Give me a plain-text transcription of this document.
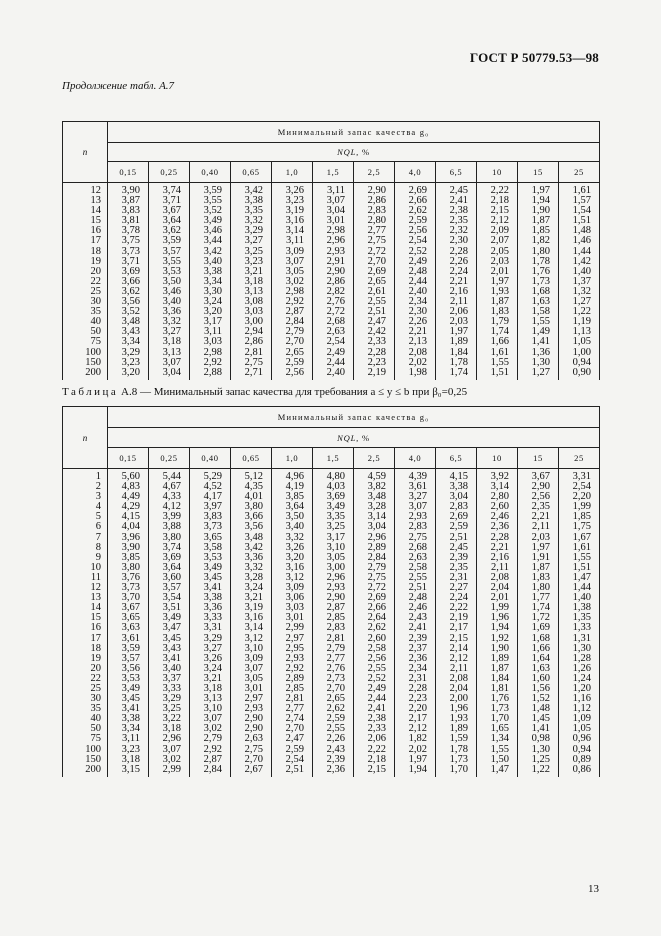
ГОСТ Р 50779.53—98
Продолжение табл. А.7
n	Минимальный запас качества g₀											
	NQL, %											
	0,15	0,25	0,40	0,65	1,0	1,5	2,5	4,0	6,5	10	15	25
12	3,90	3,74	3,59	3,42	3,26	3,11	2,90	2,69	2,45	2,22	1,97	1,61
13	3,87	3,71	3,55	3,38	3,23	3,07	2,86	2,66	2,41	2,18	1,94	1,57
14	3,83	3,67	3,52	3,35	3,19	3,04	2,83	2,62	2,38	2,15	1,90	1,54
15	3,81	3,64	3,49	3,32	3,16	3,01	2,80	2,59	2,35	2,12	1,87	1,51
16	3,78	3,62	3,46	3,29	3,14	2,98	2,77	2,56	2,32	2,09	1,85	1,48
17	3,75	3,59	3,44	3,27	3,11	2,96	2,75	2,54	2,30	2,07	1,82	1,46
18	3,73	3,57	3,42	3,25	3,09	2,93	2,72	2,52	2,28	2,05	1,80	1,44
19	3,71	3,55	3,40	3,23	3,07	2,91	2,70	2,49	2,26	2,03	1,78	1,42
20	3,69	3,53	3,38	3,21	3,05	2,90	2,69	2,48	2,24	2,01	1,76	1,40
22	3,66	3,50	3,34	3,18	3,02	2,86	2,65	2,44	2,21	1,97	1,73	1,37
25	3,62	3,46	3,30	3,13	2,98	2,82	2,61	2,40	2,16	1,93	1,68	1,32
30	3,56	3,40	3,24	3,08	2,92	2,76	2,55	2,34	2,11	1,87	1,63	1,27
35	3,52	3,36	3,20	3,03	2,87	2,72	2,51	2,30	2,06	1,83	1,58	1,22
40	3,48	3,32	3,17	3,00	2,84	2,68	2,47	2,26	2,03	1,79	1,55	1,19
50	3,43	3,27	3,11	2,94	2,79	2,63	2,42	2,21	1,97	1,74	1,49	1,13
75	3,34	3,18	3,03	2,86	2,70	2,54	2,33	2,13	1,89	1,66	1,41	1,05
100	3,29	3,13	2,98	2,81	2,65	2,49	2,28	2,08	1,84	1,61	1,36	1,00
150	3,23	3,07	2,92	2,75	2,59	2,44	2,23	2,02	1,78	1,55	1,30	0,94
200	3,20	3,04	2,88	2,71	2,56	2,40	2,19	1,98	1,74	1,51	1,27	0,90
Таблица А.8 — Минимальный запас качества для требования a ≤ y ≤ b при β₀=0,25
n	Минимальный запас качества g₀											
	NQL, %											
	0,15	0,25	0,40	0,65	1,0	1,5	2,5	4,0	6,5	10	15	25
1	5,60	5,44	5,29	5,12	4,96	4,80	4,59	4,39	4,15	3,92	3,67	3,31
2	4,83	4,67	4,52	4,35	4,19	4,03	3,82	3,61	3,38	3,14	2,90	2,54
3	4,49	4,33	4,17	4,01	3,85	3,69	3,48	3,27	3,04	2,80	2,56	2,20
4	4,29	4,12	3,97	3,80	3,64	3,49	3,28	3,07	2,83	2,60	2,35	1,99
5	4,15	3,99	3,83	3,66	3,50	3,35	3,14	2,93	2,69	2,46	2,21	1,85
6	4,04	3,88	3,73	3,56	3,40	3,25	3,04	2,83	2,59	2,36	2,11	1,75
7	3,96	3,80	3,65	3,48	3,32	3,17	2,96	2,75	2,51	2,28	2,03	1,67
8	3,90	3,74	3,58	3,42	3,26	3,10	2,89	2,68	2,45	2,21	1,97	1,61
9	3,85	3,69	3,53	3,36	3,20	3,05	2,84	2,63	2,39	2,16	1,91	1,55
10	3,80	3,64	3,49	3,32	3,16	3,00	2,79	2,58	2,35	2,11	1,87	1,51
11	3,76	3,60	3,45	3,28	3,12	2,96	2,75	2,55	2,31	2,08	1,83	1,47
12	3,73	3,57	3,41	3,24	3,09	2,93	2,72	2,51	2,27	2,04	1,80	1,44
13	3,70	3,54	3,38	3,21	3,06	2,90	2,69	2,48	2,24	2,01	1,77	1,40
14	3,67	3,51	3,36	3,19	3,03	2,87	2,66	2,46	2,22	1,99	1,74	1,38
15	3,65	3,49	3,33	3,16	3,01	2,85	2,64	2,43	2,19	1,96	1,72	1,35
16	3,63	3,47	3,31	3,14	2,99	2,83	2,62	2,41	2,17	1,94	1,69	1,33
17	3,61	3,45	3,29	3,12	2,97	2,81	2,60	2,39	2,15	1,92	1,68	1,31
18	3,59	3,43	3,27	3,10	2,95	2,79	2,58	2,37	2,14	1,90	1,66	1,30
19	3,57	3,41	3,26	3,09	2,93	2,77	2,56	2,36	2,12	1,89	1,64	1,28
20	3,56	3,40	3,24	3,07	2,92	2,76	2,55	2,34	2,11	1,87	1,63	1,26
22	3,53	3,37	3,21	3,05	2,89	2,73	2,52	2,31	2,08	1,84	1,60	1,24
25	3,49	3,33	3,18	3,01	2,85	2,70	2,49	2,28	2,04	1,81	1,56	1,20
30	3,45	3,29	3,13	2,97	2,81	2,65	2,44	2,23	2,00	1,76	1,52	1,16
35	3,41	3,25	3,10	2,93	2,77	2,62	2,41	2,20	1,96	1,73	1,48	1,12
40	3,38	3,22	3,07	2,90	2,74	2,59	2,38	2,17	1,93	1,70	1,45	1,09
50	3,34	3,18	3,02	2,90	2,70	2,55	2,33	2,12	1,89	1,65	1,41	1,05
75	3,11	2,96	2,79	2,63	2,47	2,26	2,06	1,82	1,59	1,34	0,98	0,96
100	3,23	3,07	2,92	2,75	2,59	2,43	2,22	2,02	1,78	1,55	1,30	0,94
150	3,18	3,02	2,87	2,70	2,54	2,39	2,18	1,97	1,73	1,50	1,25	0,89
200	3,15	2,99	2,84	2,67	2,51	2,36	2,15	1,94	1,70	1,47	1,22	0,86
13
